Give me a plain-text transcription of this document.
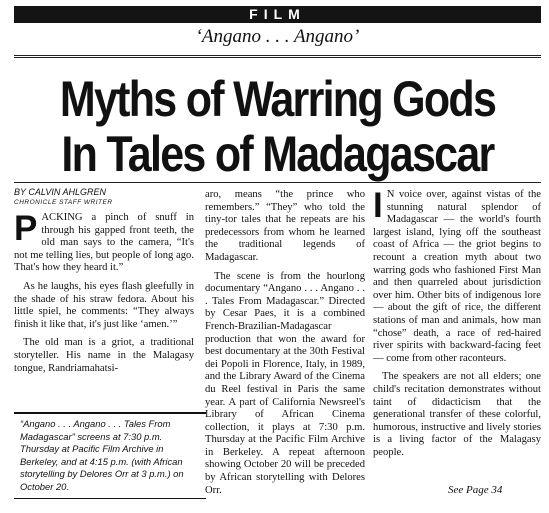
FILM
‘Angano . . . Angano’
Myths of Warring Gods
In Tales of Madagascar
BY CALVIN AHLGREN
CHRONICLE STAFF WRITER

PACKING a pinch of snuff in through his gapped front teeth, the old man says to the camera, “It's not me telling lies, but people of long ago. That's how they heard it.”

As he laughs, his eyes flash gleefully in the shade of his straw fedora. About his little spiel, he comments: “They always finish it like that, it's just like ‘amen.’”

The old man is a griot, a traditional storyteller. His name in the Malagasy tongue, Randriamahatsi-

“Angano . . . Angano . . . Tales From Madagascar” screens at 7:30 p.m. Thursday at Pacific Film Archive in Berkeley, and at 4:15 p.m. (with African storytelling by Delores Orr at 3 p.m.) on October 20.

aro, means “the prince who remembers.” “They” who told the tiny-tor tales that he repeats are his predecessors from whom he learned the traditional legends of Madagascar.

The scene is from the hourlong documentary “Angano . . . Angano . . . Tales From Madagascar.” Directed by Cesar Paes, it is a combined French-Brazilian-Madagascar production that won the award for best documentary at the 30th Festival dei Popoli in Florence, Italy, in 1989, and the Library Award of the Cinema du Reel festival in Paris the same year. A part of California Newsreel's Library of African Cinema collection, it plays at 7:30 p.m. Thursday at the Pacific Film Archive in Berkeley. A repeat afternoon showing October 20 will be preceded by African storytelling with Delores Orr.

I N voice over, against vistas of the stunning natural splendor of Madagascar — the world's fourth largest island, lying off the southeast coast of Africa — the griot begins to recount a creation myth about two warring gods who fashioned First Man and then quarreled about jurisdiction over him. Other bits of indigenous lore — about the gift of rice, the different stations of man and animals, how man “chose” death, a race of red-haired river spirits with backward-facing feet — come from other raconteurs.

The speakers are not all elders; one child's recitation demonstrates without taint of didacticism that the generational transfer of these colorful, humorous, instructive and lively stories is a living factor of the Malagasy people.

See Page 34
